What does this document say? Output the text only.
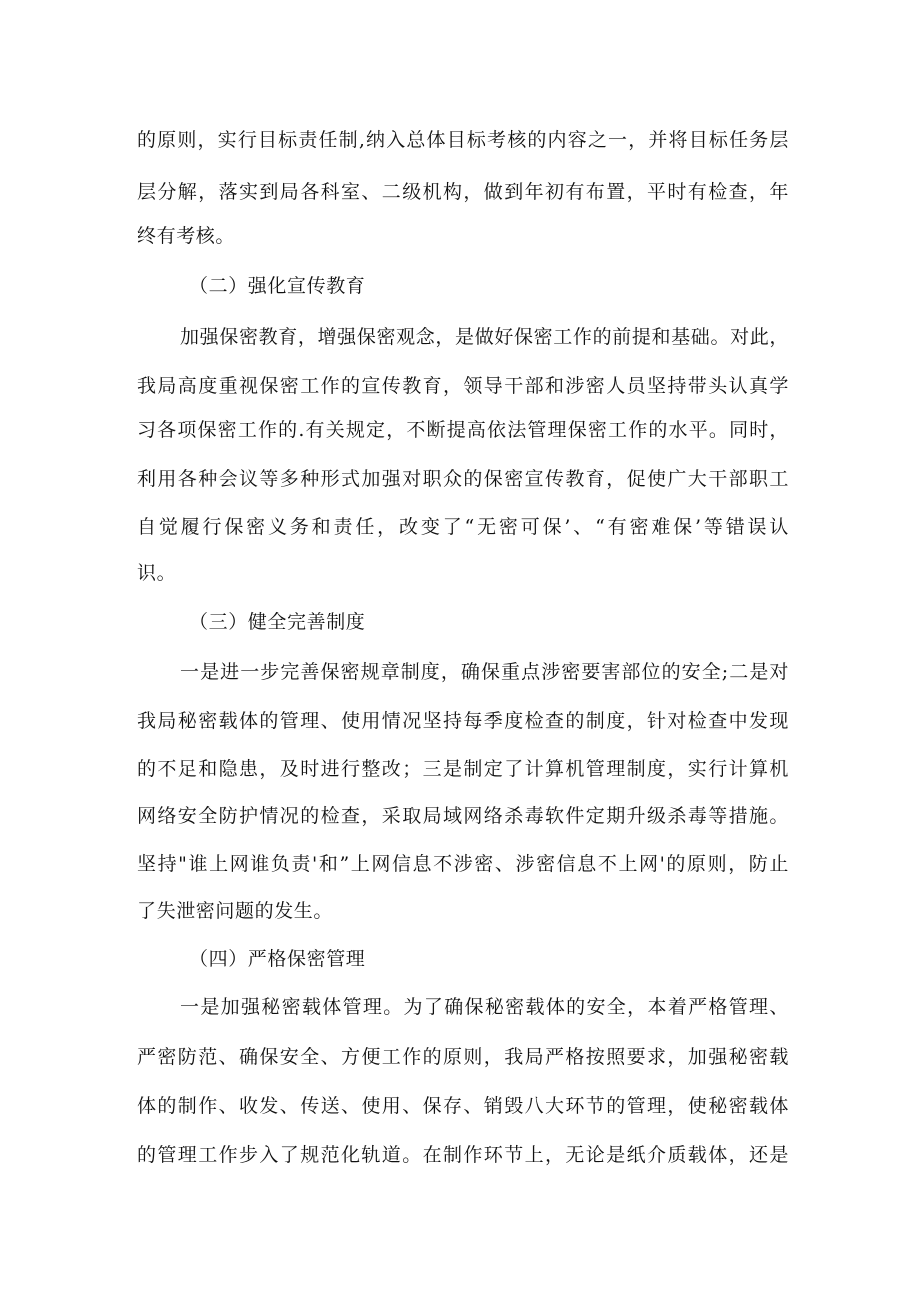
的原则，实行目标责任制,纳入总体目标考核的内容之一，并将目标任务层
层分解，落实到局各科室、二级机构，做到年初有布置，平时有检查，年
终有考核。
（二）强化宣传教育
加强保密教育，增强保密观念，是做好保密工作的前提和基础。对此，
我局高度重视保密工作的宣传教育，领导干部和涉密人员坚持带头认真学
习各项保密工作的.有关规定，不断提高依法管理保密工作的水平。同时，
利用各种会议等多种形式加强对职众的保密宣传教育，促使广大干部职工
自觉履行保密义务和责任，改变了“无密可保’、“有密难保’等错误认
识。
（三）健全完善制度
一是进一步完善保密规章制度，确保重点涉密要害部位的安全;二是对
我局秘密载体的管理、使用情况坚持每季度检查的制度，针对检查中发现
的不足和隐患，及时进行整改；三是制定了计算机管理制度，实行计算机
网络安全防护情况的检查，采取局域网络杀毒软件定期升级杀毒等措施。
坚持"谁上网谁负责'和”上网信息不涉密、涉密信息不上网'的原则，防止
了失泄密问题的发生。
（四）严格保密管理
一是加强秘密载体管理。为了确保秘密载体的安全，本着严格管理、
严密防范、确保安全、方便工作的原则，我局严格按照要求，加强秘密载
体的制作、收发、传送、使用、保存、销毁八大环节的管理，使秘密载体
的管理工作步入了规范化轨道。在制作环节上，无论是纸介质载体，还是
